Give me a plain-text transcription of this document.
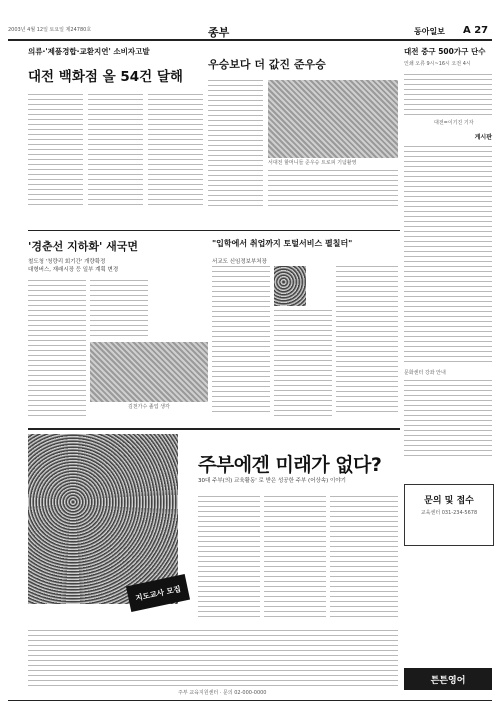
2003년 4월 12일 토요일 제24780호	종부	동아일보 A 27
의류·'제품경합·교환지연' 소비자고발
대전 백화점 올 54건 달해
우승보다 더 값진 준우승
서대전 할머니들 준우승 트로피 기념촬영
대전 중구 500가구 단수
인쇄 오류 9시~16시 오전 4시
대전=이기진 기자
게시판
문화센터 강좌 안내
'경춘선 지하화' 새국면
철도청 '청량리 회기간' 개량확정
대형버스, 재래시장 등 일부 계획 변경
김천가수 졸업 생각
"입학에서 취업까지 토털서비스 펼칠터"
서교도 신임정보부처장
지도교사 모집
주부에겐 미래가 없다?
30대 주부(의) 교육활동' 로 받은 성공한 주부 (어상속) 이야기
주부 교육지원센터 · 문의 02-000-0000
문의 및 접수
교육센터 031-234-5678
튼튼영어
